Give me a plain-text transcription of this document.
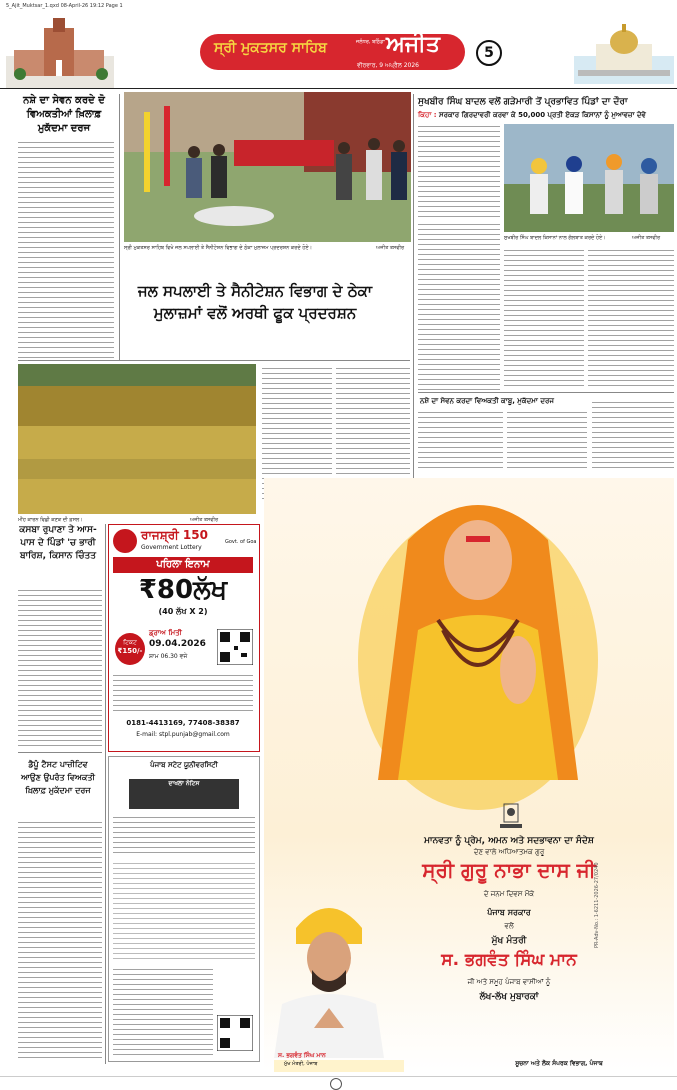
5_Ajit_Muktsar_1.qxd 08-April-26 19:12 Page 1
ਸ੍ਰੀ ਮੁਕਤਸਰ ਸਾਹਿਬ	ਜਲੰਧਰ, ਬਠਿੰਡਾ ਅਜੀਤ
ਵੀਰਵਾਰ, 9 ਅਪ੍ਰੈਲ 2026
5
ਨਸ਼ੇ ਦਾ ਸੇਵਨ ਕਰਦੇ ਦੋ ਵਿਅਕਤੀਆਂ ਖ਼ਿਲਾਫ਼ ਮੁਕੱਦਮਾ ਦਰਜ
ਸ੍ਰੀ ਮੁਕਤਸਰ ਸਾਹਿਬ ਵਿਖੇ ਜਲ ਸਪਲਾਈ ਤੇ ਸੈਨੀਟੇਸ਼ਨ ਵਿਭਾਗ ਦੇ ਠੇਕਾ ਮੁਲਾਜ਼ਮ ਪ੍ਰਦਰਸ਼ਨ ਕਰਦੇ ਹੋਏ।	ਅਜੀਤ ਤਸਵੀਰ
ਜਲ ਸਪਲਾਈ ਤੇ ਸੈਨੀਟੇਸ਼ਨ ਵਿਭਾਗ ਦੇ ਠੇਕਾ
ਮੁਲਾਜ਼ਮਾਂ ਵਲੋਂ ਅਰਥੀ ਫੂਕ ਪ੍ਰਦਰਸ਼ਨ
ਮੀਂਹ ਕਾਰਨ ਵਿਛੀ ਕਣਕ ਦੀ ਫ਼ਸਲ।	ਅਜੀਤ ਤਸਵੀਰ
ਸੁਖਬੀਰ ਸਿੰਘ ਬਾਦਲ ਵਲੋਂ ਗੜੇਮਾਰੀ ਤੋਂ ਪ੍ਰਭਾਵਿਤ ਪਿੰਡਾਂ ਦਾ ਦੌਰਾ
ਕਿਹਾ : ਸਰਕਾਰ ਗਿਰਦਾਵਰੀ ਕਰਵਾ ਕੇ 50,000 ਪ੍ਰਤੀ ਏਕੜ ਕਿਸਾਨਾਂ ਨੂੰ ਮੁਆਵਜ਼ਾ ਦੇਵੇ
ਸੁਖਬੀਰ ਸਿੰਘ ਬਾਦਲ ਕਿਸਾਨਾਂ ਨਾਲ ਗੱਲਬਾਤ ਕਰਦੇ ਹੋਏ।	ਅਜੀਤ ਤਸਵੀਰ
ਨਸ਼ੇ ਦਾ ਸੇਵਨ ਕਰਦਾ ਵਿਅਕਤੀ ਕਾਬੂ, ਮੁਕੱਦਮਾ ਦਰਜ
ਕਸਬਾ ਰੁਪਾਣਾ ਤੇ ਆਸ-ਪਾਸ ਦੇ ਪਿੰਡਾਂ 'ਚ ਭਾਰੀ ਬਾਰਿਸ਼, ਕਿਸਾਨ ਚਿੰਤਤ
ਡੈਪੂੰ ਟੈਸਟ ਪਾਜ਼ੀਟਿਵ ਆਉਣ ਉਪਰੰਤ ਵਿਅਕਤੀ ਖ਼ਿਲਾਫ਼ ਮੁਕੱਦਮਾ ਦਰਜ
ਰਾਜਸ਼੍ਰੀ 150
Government Lottery
Govt. of Goa
ਪਹਿਲਾ ਇਨਾਮ
₹80ਲੱਖ
(40 ਲੱਖ X 2)
ਟਿਕਟ
₹150/-
ਡ੍ਰਾਅ ਮਿਤੀ
09.04.2026
ਸ਼ਾਮ 06.30 ਵਜੇ
0181-4413169, 77408-38387
E-mail: stpl.punjab@gmail.com
ਪੰਜਾਬ ਸਟੇਟ ਯੂਨੀਵਰਸਿਟੀ
ਦਾਖਲਾ ਨੋਟਿਸ
ਮਾਨਵਤਾ ਨੂੰ ਪ੍ਰੇਮ, ਅਮਨ ਅਤੇ ਸਦਭਾਵਨਾ ਦਾ ਸੰਦੇਸ਼
ਦੇਣ ਵਾਲੇ ਅਧਿਆਤਮਕ ਗੁਰੂ
ਸ੍ਰੀ ਗੁਰੂ ਨਾਭਾ ਦਾਸ ਜੀ
ਦੇ ਜਨਮ ਦਿਵਸ ਮੌਕੇ
ਪੰਜਾਬ ਸਰਕਾਰ
ਵਲੋਂ
ਮੁੱਖ ਮੰਤਰੀ
ਸ. ਭਗਵੰਤ ਸਿੰਘ ਮਾਨ
ਜੀ ਅਤੇ ਸਮੂਹ ਪੰਜਾਬ ਵਾਸੀਆਂ ਨੂੰ
ਲੱਖ-ਲੱਖ ਮੁਬਾਰਕਾਂ
ਸ. ਭਗਵੰਤ ਸਿੰਘ ਮਾਨ
ਮੁੱਖ ਮੰਤਰੀ, ਪੰਜਾਬ	ਸੂਚਨਾ ਅਤੇ ਲੋਕ ਸੰਪਰਕ ਵਿਭਾਗ, ਪੰਜਾਬ
PR-Adv-No.: 1-6211-2026-27/0240
